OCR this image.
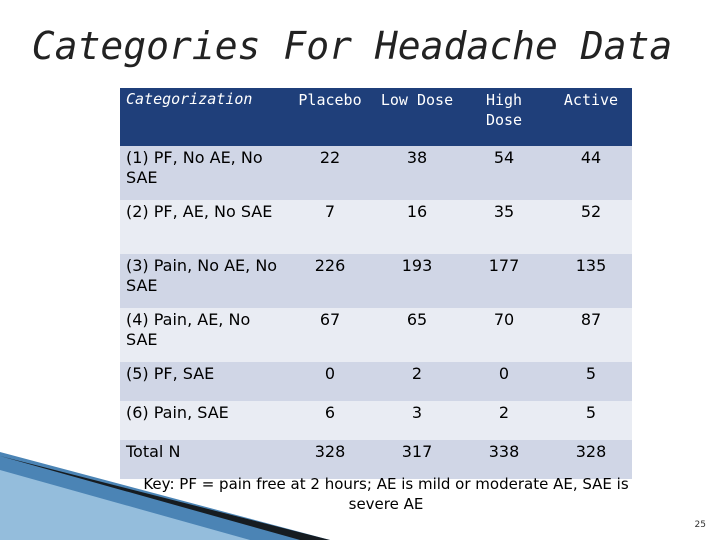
Categories For Headache Data
Categorization	Placebo	Low Dose	High Dose	Active
(1) PF, No AE, No SAE	22	38	54	44
(2) PF, AE, No SAE	7	16	35	52
(3) Pain, No AE, No SAE	226	193	177	135
(4) Pain, AE, No SAE	67	65	70	87
(5) PF, SAE	0	2	0	5
(6) Pain, SAE	6	3	2	5
Total N	328	317	338	328
Key: PF = pain free at 2 hours; AE is mild or moderate AE, SAE is severe AE
25
